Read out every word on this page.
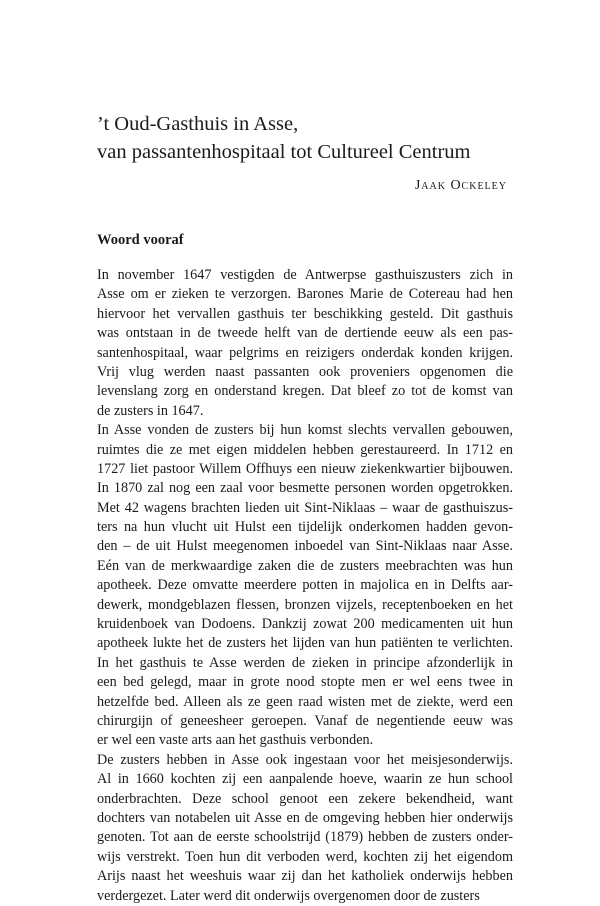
’t Oud-Gasthuis in Asse,
van passantenhospitaal tot Cultureel Centrum
Jaak Ockeley
Woord vooraf
In november 1647 vestigden de Antwerpse gasthuiszusters zich in
Asse om er zieken te verzorgen. Barones Marie de Cotereau had hen
hiervoor het vervallen gasthuis ter beschikking gesteld. Dit gasthuis
was ontstaan in de tweede helft van de dertiende eeuw als een pas-
santenhospitaal, waar pelgrims en reizigers onderdak konden krijgen.
Vrij vlug werden naast passanten ook proveniers opgenomen die
levenslang zorg en onderstand kregen. Dat bleef zo tot de komst van
de zusters in 1647.
In Asse vonden de zusters bij hun komst slechts vervallen gebouwen,
ruimtes die ze met eigen middelen hebben gerestaureerd. In 1712 en
1727 liet pastoor Willem Offhuys een nieuw ziekenkwartier bijbouwen.
In 1870 zal nog een zaal voor besmette personen worden opgetrokken.
Met 42 wagens brachten lieden uit Sint-Niklaas – waar de gasthuiszus-
ters na hun vlucht uit Hulst een tijdelijk onderkomen hadden gevon-
den – de uit Hulst meegenomen inboedel van Sint-Niklaas naar Asse.
Eén van de merkwaardige zaken die de zusters meebrachten was hun
apotheek. Deze omvatte meerdere potten in majolica en in Delfts aar-
dewerk, mondgeblazen flessen, bronzen vijzels, receptenboeken en het
kruidenboek van Dodoens. Dankzij zowat 200 medicamenten uit hun
apotheek lukte het de zusters het lijden van hun patiënten te verlichten.
In het gasthuis te Asse werden de zieken in principe afzonderlijk in
een bed gelegd, maar in grote nood stopte men er wel eens twee in
hetzelfde bed. Alleen als ze geen raad wisten met de ziekte, werd een
chirurgijn of geneesheer geroepen. Vanaf de negentiende eeuw was
er wel een vaste arts aan het gasthuis verbonden.
De zusters hebben in Asse ook ingestaan voor het meisjesonderwijs.
Al in 1660 kochten zij een aanpalende hoeve, waarin ze hun school
onderbrachten. Deze school genoot een zekere bekendheid, want
dochters van notabelen uit Asse en de omgeving hebben hier onderwijs
genoten. Tot aan de eerste schoolstrijd (1879) hebben de zusters onder-
wijs verstrekt. Toen hun dit verboden werd, kochten zij het eigendom
Arijs naast het weeshuis waar zij dan het katholiek onderwijs hebben
verdergezet. Later werd dit onderwijs overgenomen door de zusters
